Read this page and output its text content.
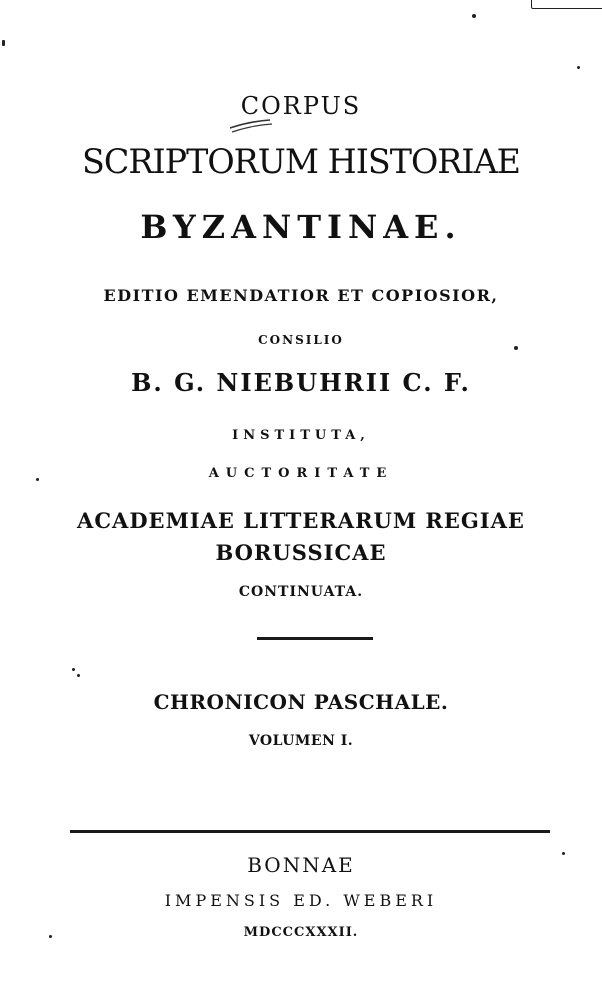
CORPUS
SCRIPTORUM HISTORIAE
BYZANTINAE.
EDITIO EMENDATIOR ET COPIOSIOR,
CONSILIO
B. G. NIEBUHRII C. F.
INSTITUTA,
AUCTORITATE
ACADEMIAE LITTERARUM REGIAE
BORUSSICAE
CONTINUATA.
CHRONICON PASCHALE.
VOLUMEN I.
BONNAE
IMPENSIS ED. WEBERI
MDCCCXXXII.
